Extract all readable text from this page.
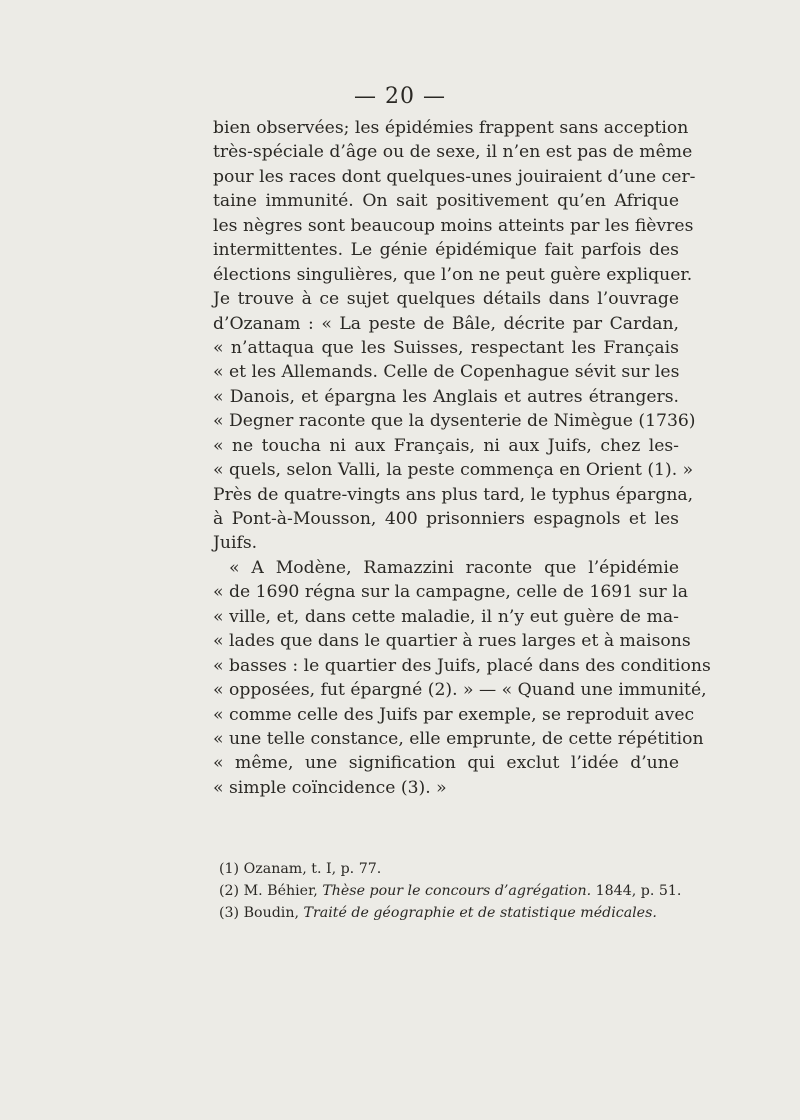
— 20 —
bien observées; les épidémies frappent sans acception
très-spéciale d’âge ou de sexe, il n’en est pas de même
pour les races dont quelques-unes jouiraient d’une cer-
taine immunité. On sait positivement qu’en Afrique
les nègres sont beaucoup moins atteints par les fièvres
intermittentes. Le génie épidémique fait parfois des
élections singulières, que l’on ne peut guère expliquer.
Je trouve à ce sujet quelques détails dans l’ouvrage
d’Ozanam : « La peste de Bâle, décrite par Cardan,
« n’attaqua que les Suisses, respectant les Français
« et les Allemands. Celle de Copenhague sévit sur les
« Danois, et épargna les Anglais et autres étrangers.
« Degner raconte que la dysenterie de Nimègue (1736)
« ne toucha ni aux Français, ni aux Juifs, chez les-
« quels, selon Valli, la peste commença en Orient (1). »
Près de quatre-vingts ans plus tard, le typhus épargna,
à Pont-à-Mousson, 400 prisonniers espagnols et les
Juifs.
« A Modène, Ramazzini raconte que l’épidémie
« de 1690 régna sur la campagne, celle de 1691 sur la
« ville, et, dans cette maladie, il n’y eut guère de ma-
« lades que dans le quartier à rues larges et à maisons
« basses : le quartier des Juifs, placé dans des conditions
« opposées, fut épargné (2). » — « Quand une immunité,
« comme celle des Juifs par exemple, se reproduit avec
« une telle constance, elle emprunte, de cette répétition
« même, une signification qui exclut l’idée d’une
« simple coïncidence (3). »
(1) Ozanam, t. I, p. 77.
(2) M. Béhier, Thèse pour le concours d’agrégation. 1844, p. 51.
(3) Boudin, Traité de géographie et de statistique médicales.
